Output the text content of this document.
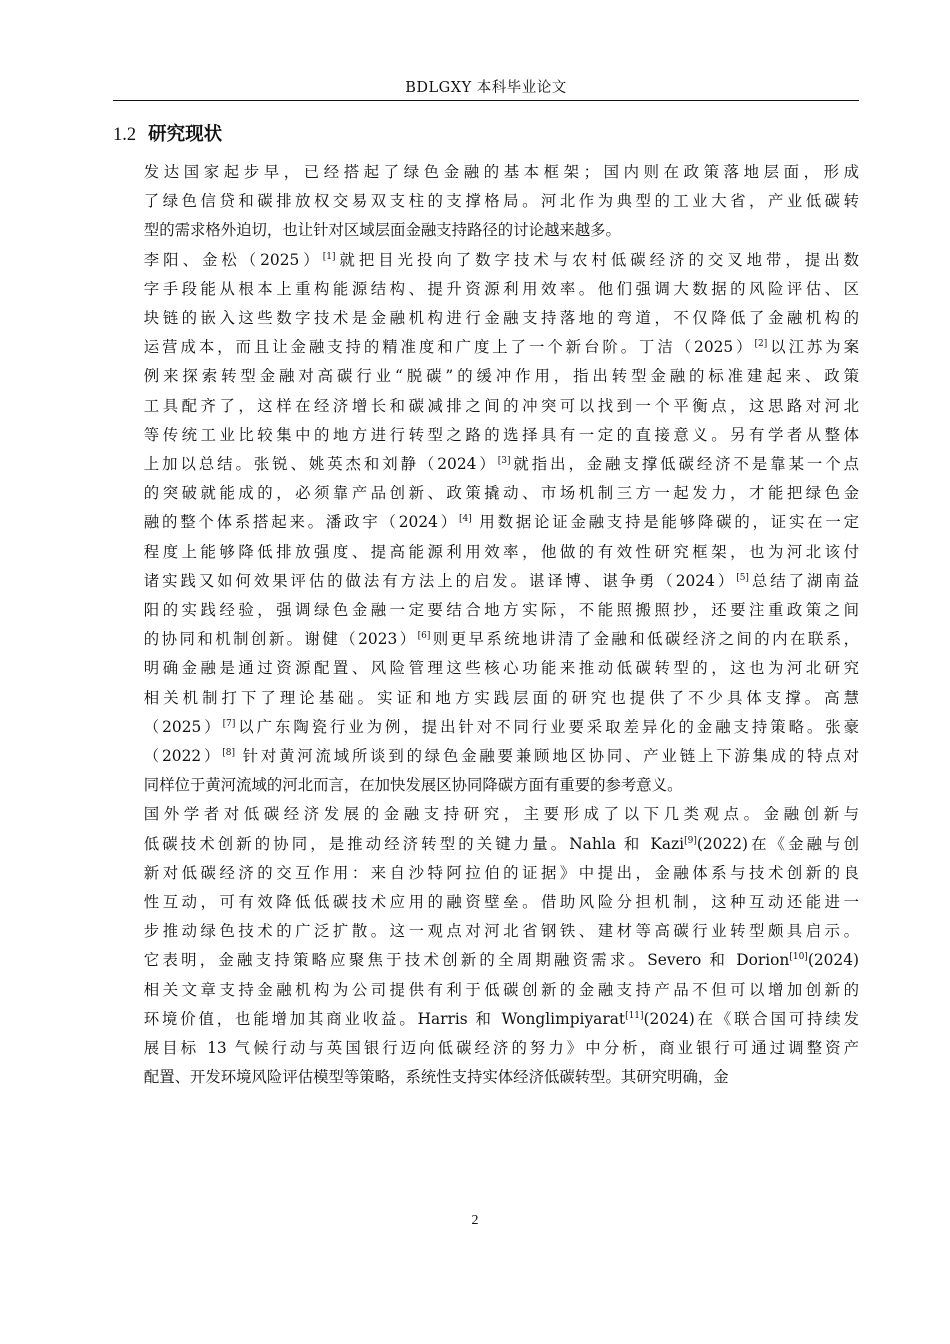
BDLGXY 本科毕业论文
1.2 研究现状
发达国家起步早，已经搭起了绿色金融的基本框架；国内则在政策落地层面，形成
了绿色信贷和碳排放权交易双支柱的支撑格局。河北作为典型的工业大省，产业低碳转
型的需求格外迫切，也让针对区域层面金融支持路径的讨论越来越多。
李阳、金松（2025）[1]就把目光投向了数字技术与农村低碳经济的交叉地带，提出数
字手段能从根本上重构能源结构、提升资源利用效率。他们强调大数据的风险评估、区
块链的嵌入这些数字技术是金融机构进行金融支持落地的弯道，不仅降低了金融机构的
运营成本，而且让金融支持的精准度和广度上了一个新台阶。丁洁（2025）[2]以江苏为案
例来探索转型金融对高碳行业“脱碳”的缓冲作用，指出转型金融的标准建起来、政策
工具配齐了，这样在经济增长和碳减排之间的冲突可以找到一个平衡点，这思路对河北
等传统工业比较集中的地方进行转型之路的选择具有一定的直接意义。另有学者从整体
上加以总结。张锐、姚英杰和刘静（2024）[3]就指出，金融支撑低碳经济不是靠某一个点
的突破就能成的，必须靠产品创新、政策撬动、市场机制三方一起发力，才能把绿色金
融的整个体系搭起来。潘政宇（2024）[4] 用数据论证金融支持是能够降碳的，证实在一定
程度上能够降低排放强度、提高能源利用效率，他做的有效性研究框架，也为河北该付
诸实践又如何效果评估的做法有方法上的启发。谌译博、谌争勇（2024）[5]总结了湖南益
阳的实践经验，强调绿色金融一定要结合地方实际，不能照搬照抄，还要注重政策之间
的协同和机制创新。谢健（2023）[6]则更早系统地讲清了金融和低碳经济之间的内在联系，
明确金融是通过资源配置、风险管理这些核心功能来推动低碳转型的，这也为河北研究
相关机制打下了理论基础。实证和地方实践层面的研究也提供了不少具体支撑。高慧
（2025）[7]以广东陶瓷行业为例，提出针对不同行业要采取差异化的金融支持策略。张豪
（2022）[8] 针对黄河流域所谈到的绿色金融要兼顾地区协同、产业链上下游集成的特点对
同样位于黄河流域的河北而言，在加快发展区协同降碳方面有重要的参考意义。
国外学者对低碳经济发展的金融支持研究，主要形成了以下几类观点。金融创新与
低碳技术创新的协同，是推动经济转型的关键力量。Nahla 和 Kazi[9](2022)在《金融与创
新对低碳经济的交互作用：来自沙特阿拉伯的证据》中提出，金融体系与技术创新的良
性互动，可有效降低低碳技术应用的融资壁垒。借助风险分担机制，这种互动还能进一
步推动绿色技术的广泛扩散。这一观点对河北省钢铁、建材等高碳行业转型颇具启示。
它表明，金融支持策略应聚焦于技术创新的全周期融资需求。Severo 和 Dorion[10](2024)
相关文章支持金融机构为公司提供有利于低碳创新的金融支持产品不但可以增加创新的
环境价值，也能增加其商业收益。Harris 和 Wonglimpiyarat[11](2024)在《联合国可持续发
展目标 13 气候行动与英国银行迈向低碳经济的努力》中分析，商业银行可通过调整资产
配置、开发环境风险评估模型等策略，系统性支持实体经济低碳转型。其研究明确，金
2
